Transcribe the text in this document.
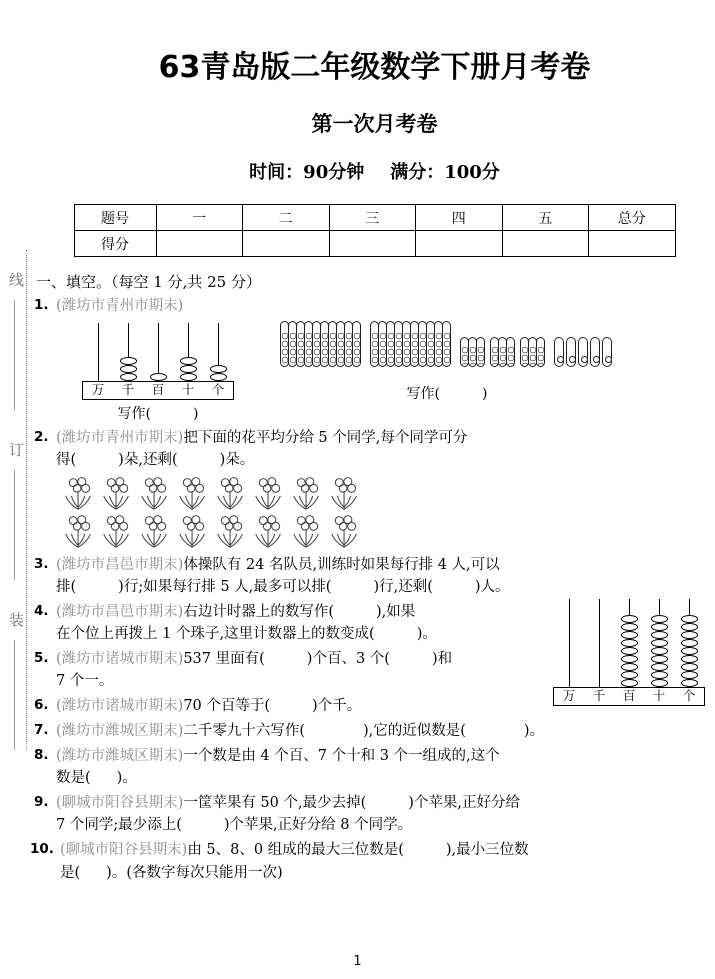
线
订
装
63青岛版二年级数学下册月考卷
第一次月考卷
时间：90分钟 满分：100分
题号	一	二	三	四	五	总分
得分						
一、填空。（每空 1 分,共 25 分）
1. (潍坊市青州市期末)
万	千	百	十	个
写作(	)
写作(	)
2. (潍坊市青州市期末)把下面的花平均分给 5 个同学,每个同学可分
得(	)朵,还剩(	)朵。
3. (潍坊市昌邑市期末)体操队有 24 名队员,训练时如果每行排 4 人,可以
排(	)行;如果每行排 5 人,最多可以排(	)行,还剩(	)人。
4. (潍坊市昌邑市期末)右边计时器上的数写作(	),如果
在个位上再拨上 1 个珠子,这里计数器上的数变成(	)。
万	千	百	十	个
5. (潍坊市诸城市期末)537 里面有(	)个百、3 个(	)和
7 个一。
6. (潍坊市诸城市期末)70 个百等于(	)个千。
7. (潍坊市潍城区期末)二千零九十六写作(	),它的近似数是(	)。
8. (潍坊市潍城区期末)一个数是由 4 个百、7 个十和 3 个一组成的,这个
数是( )。
9. (聊城市阳谷县期末)一筐苹果有 50 个,最少去掉(	)个苹果,正好分给
7 个同学;最少添上(	)个苹果,正好分给 8 个同学。
10. (聊城市阳谷县期末)由 5、8、0 组成的最大三位数是(	),最小三位数
是( )。(各数字每次只能用一次)
1
